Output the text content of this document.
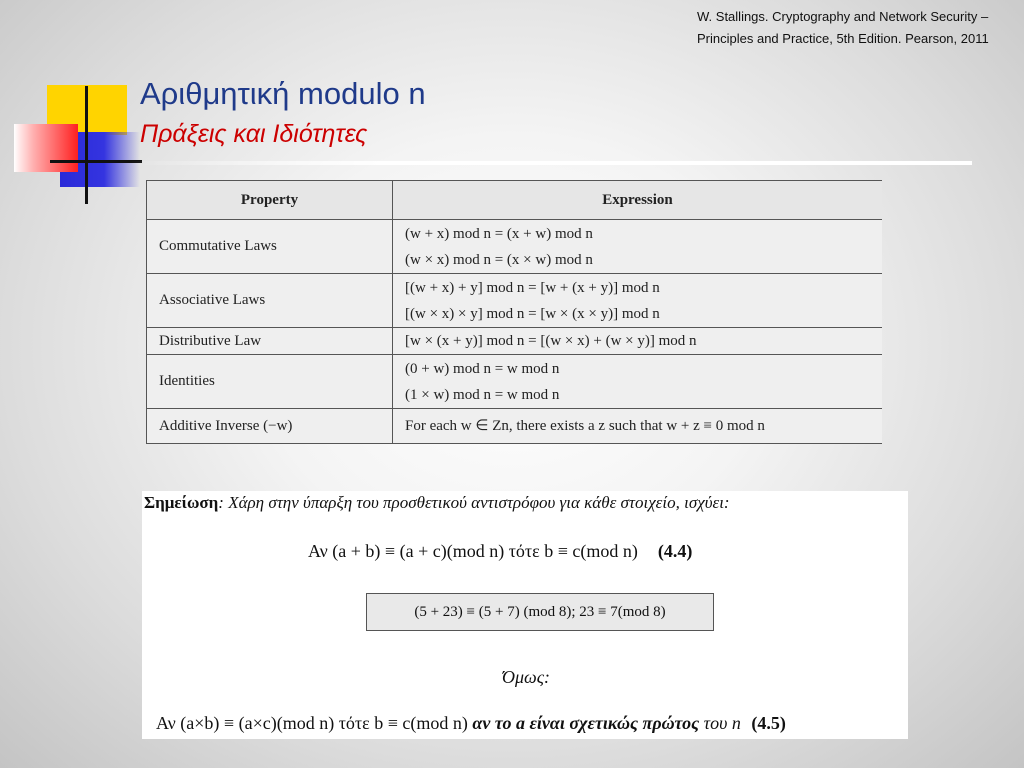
W. Stallings. Cryptography and Network Security –
Principles and Practice, 5th Edition. Pearson, 2011
Αριθμητική modulo n
Πράξεις και Ιδιότητες
Property	Expression
Commutative Laws	(w + x) mod n = (x + w) mod n
(w × x) mod n = (x × w) mod n

Associative Laws	[(w + x) + y] mod n = [w + (x + y)] mod n
[(w × x) × y] mod n = [w × (x × y)] mod n

Distributive Law	[w × (x + y)] mod n = [(w × x) + (w × y)] mod n

Identities	(0 + w) mod n = w mod n
(1 × w) mod n = w mod n

Additive Inverse (−w)	For each w ∈ Zn, there exists a z such that w + z ≡ 0 mod n
Σημείωση: Χάρη στην ύπαρξη του προσθετικού αντιστρόφου για κάθε στοιχείο, ισχύει:
Αν (a + b) ≡ (a + c)(mod n) τότε b ≡ c(mod n) (4.4)
(5 + 23) ≡ (5 + 7) (mod 8); 23 ≡ 7(mod 8)
Όμως:
Αν (a×b) ≡ (a×c)(mod n) τότε b ≡ c(mod n) αν το a είναι σχετικώς πρώτος του n (4.5)
